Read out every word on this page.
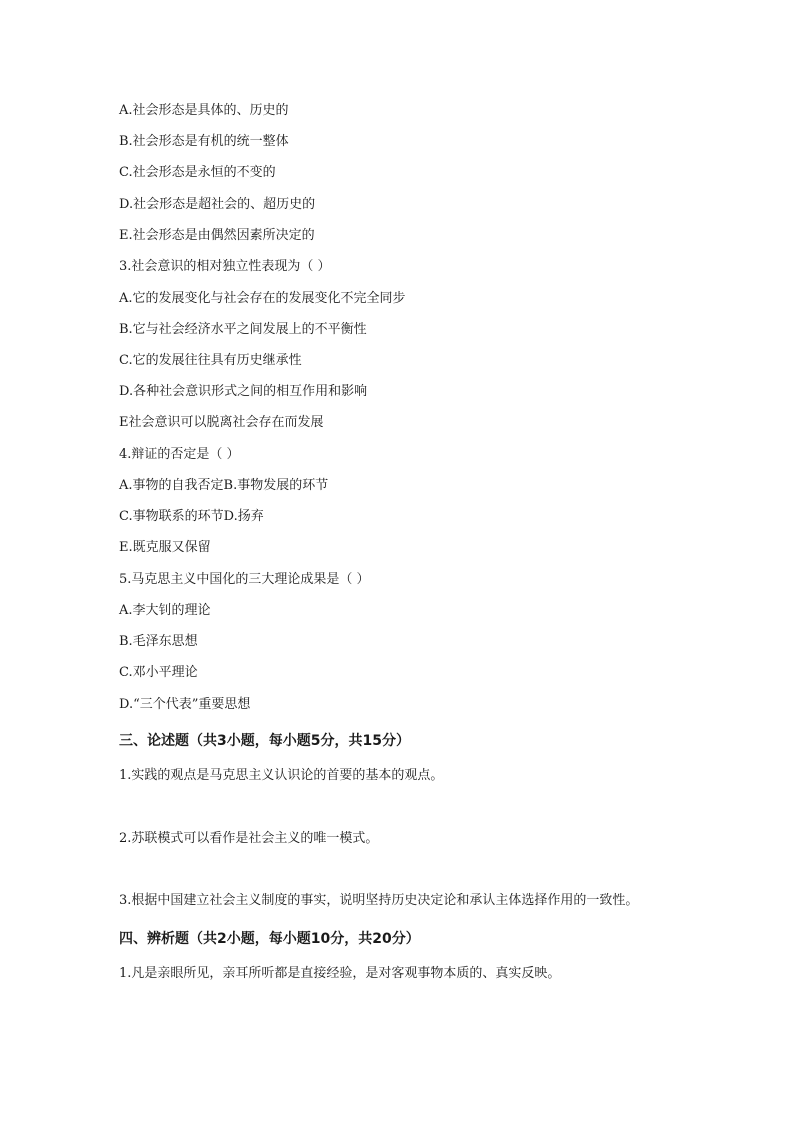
A.社会形态是具体的、历史的
B.社会形态是有机的统一整体
C.社会形态是永恒的不变的
D.社会形态是超社会的、超历史的
E.社会形态是由偶然因素所决定的
3.社会意识的相对独立性表现为（ ）
A.它的发展变化与社会存在的发展变化不完全同步
B.它与社会经济水平之间发展上的不平衡性
C.它的发展往往具有历史继承性
D.各种社会意识形式之间的相互作用和影响
E社会意识可以脱离社会存在而发展
4.辩证的否定是（ ）
A.事物的自我否定B.事物发展的环节
C.事物联系的环节D.扬弃
E.既克服又保留
5.马克思主义中国化的三大理论成果是（ ）
A.李大钊的理论
B.毛泽东思想
C.邓小平理论
D.“三个代表”重要思想
三、论述题（共3小题，每小题5分，共15分）
1.实践的观点是马克思主义认识论的首要的基本的观点。
2.苏联模式可以看作是社会主义的唯一模式。
3.根据中国建立社会主义制度的事实，说明坚持历史决定论和承认主体选择作用的一致性。
四、辨析题（共2小题，每小题10分，共20分）
1.凡是亲眼所见，亲耳所听都是直接经验，是对客观事物本质的、真实反映。
